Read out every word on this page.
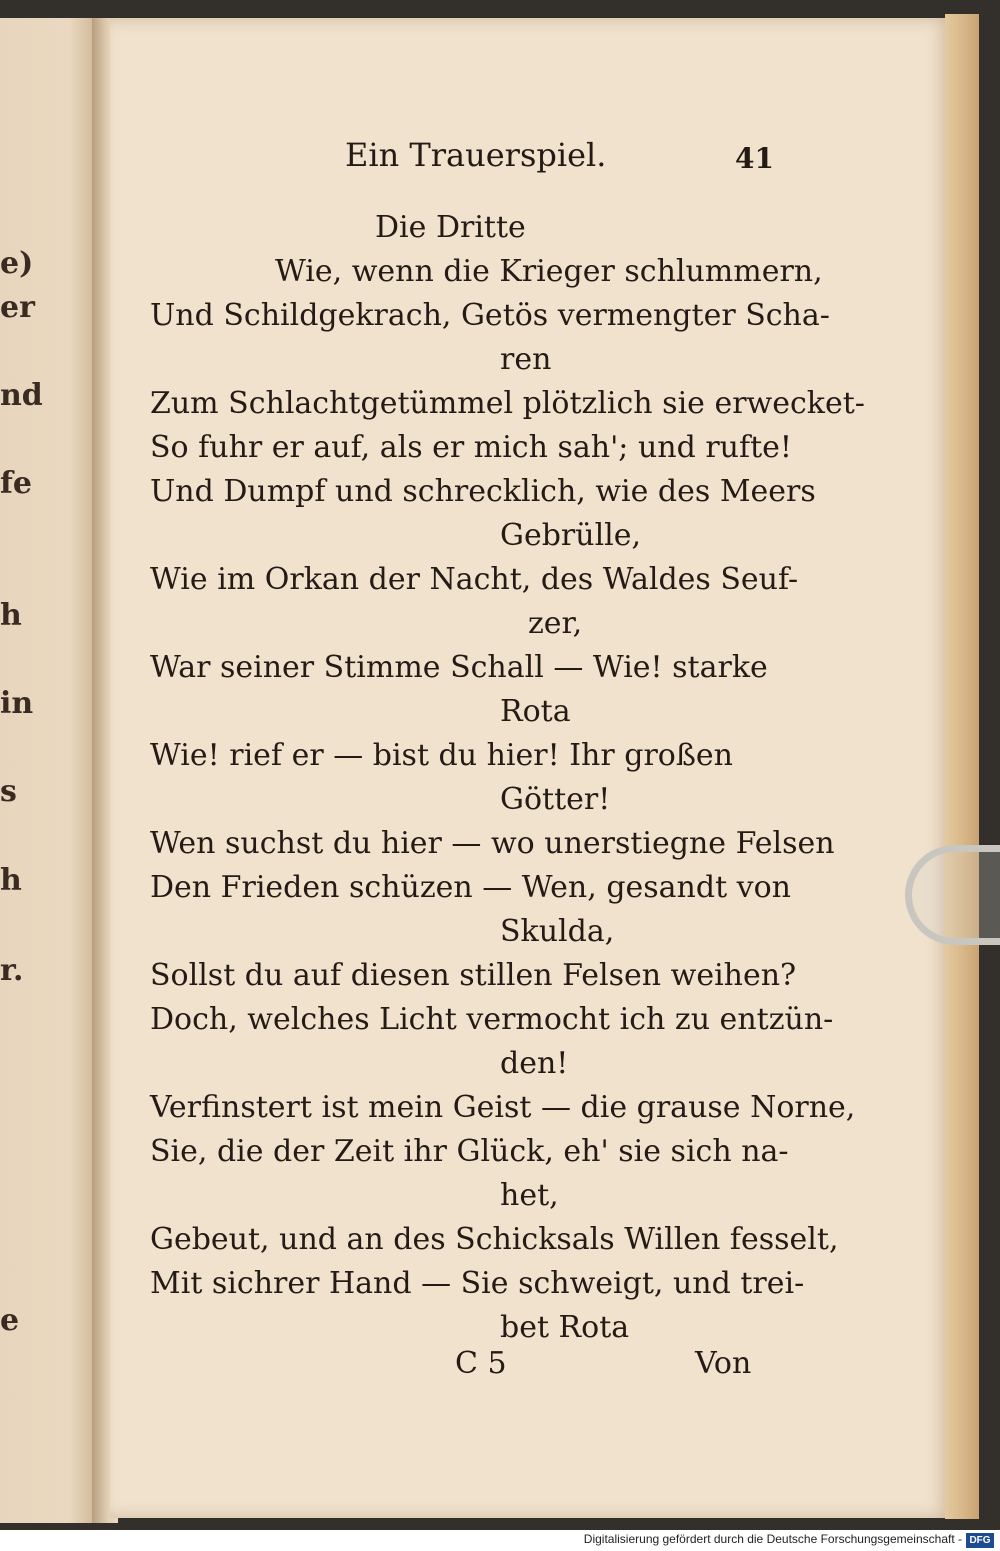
e)
er
nd
fe
h
in
s
h
r.
e
Ein Trauerspiel.	41
Die Dritte
Wie, wenn die Krieger schlummern,
Und Schildgekrach, Getös vermengter Scha-
ren
Zum Schlachtgetümmel plötzlich sie erwecket-
So fuhr er auf, als er mich sah'; und rufte!
Und Dumpf und schrecklich, wie des Meers
Gebrülle,
Wie im Orkan der Nacht, des Waldes Seuf-
zer,
War seiner Stimme Schall — Wie! starke
Rota
Wie! rief er — bist du hier! Ihr großen
Götter!
Wen suchst du hier — wo unerstiegne Felsen
Den Frieden schüzen — Wen, gesandt von
Skulda,
Sollst du auf diesen stillen Felsen weihen?
Doch, welches Licht vermocht ich zu entzün-
den!
Verfinstert ist mein Geist — die grause Norne,
Sie, die der Zeit ihr Glück, eh' sie sich na-
het,
Gebeut, und an des Schicksals Willen fesselt,
Mit sichrer Hand — Sie schweigt, und trei-
bet Rota
C 5	Von
Digitalisierung gefördert durch die Deutsche Forschungsgemeinschaft - DFG
